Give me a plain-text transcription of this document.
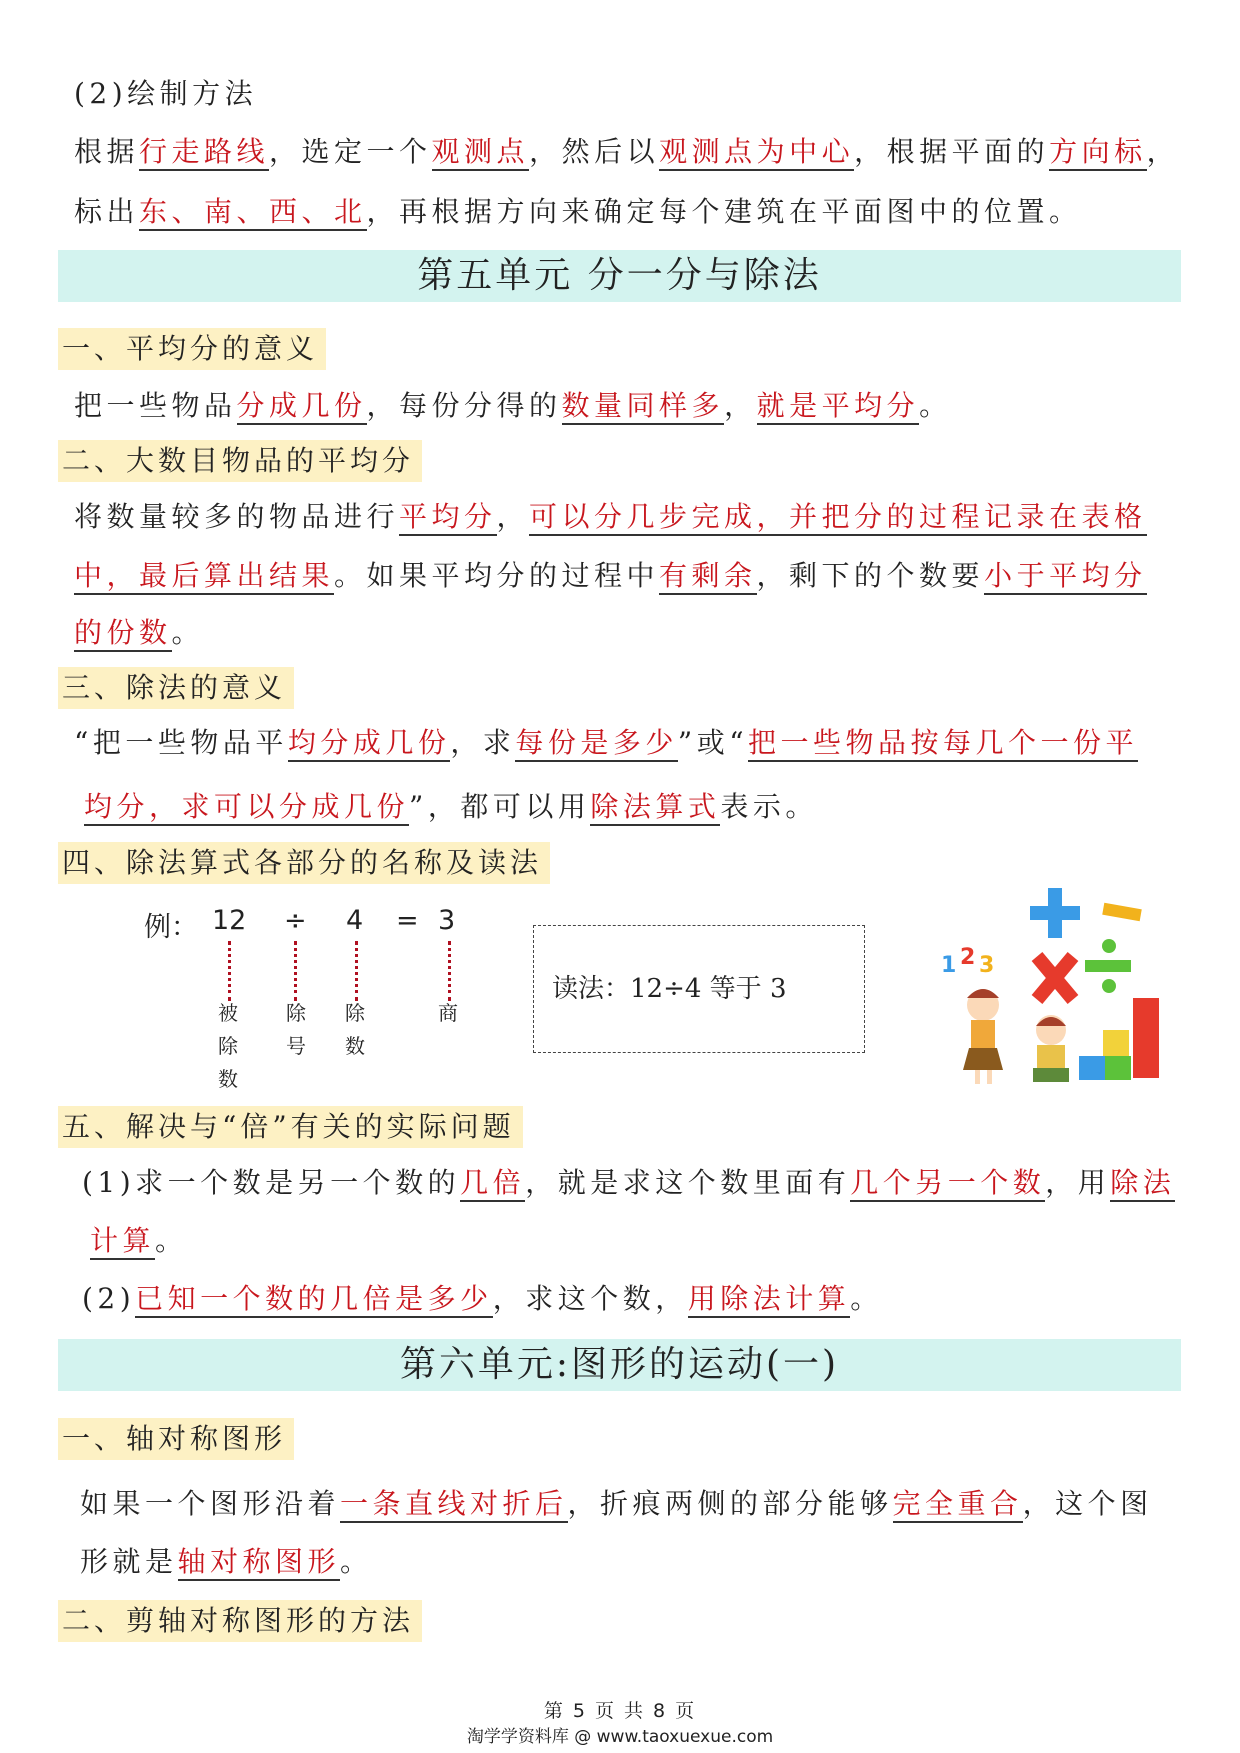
(2)绘制方法
根据行走路线，选定一个观测点，然后以观测点为中心，根据平面的方向标，
标出东、南、西、北，再根据方向来确定每个建筑在平面图中的位置。
第五单元 分一分与除法
一、平均分的意义
把一些物品分成几份，每份分得的数量同样多，就是平均分。
二、大数目物品的平均分
将数量较多的物品进行平均分，可以分几步完成，并把分的过程记录在表格
中，最后算出结果。如果平均分的过程中有剩余，剩下的个数要小于平均分
的份数。
三、除法的意义
“把一些物品平均分成几份，求每份是多少”或“把一些物品按每几个一份平
均分，求可以分成几份”，都可以用除法算式表示。
四、除法算式各部分的名称及读法
例： 12 ÷ 4 = 3
被除数
除号
除数
商
读法：12÷4 等于 3
1 2 3
五、解决与“倍”有关的实际问题
(1)求一个数是另一个数的几倍，就是求这个数里面有几个另一个数，用除法
计算。
(2)已知一个数的几倍是多少，求这个数，用除法计算。
第六单元:图形的运动(一)
一、轴对称图形
如果一个图形沿着一条直线对折后，折痕两侧的部分能够完全重合，这个图
形就是轴对称图形。
二、剪轴对称图形的方法
第 5 页 共 8 页
淘学学资料库 @ www.taoxuexue.com
